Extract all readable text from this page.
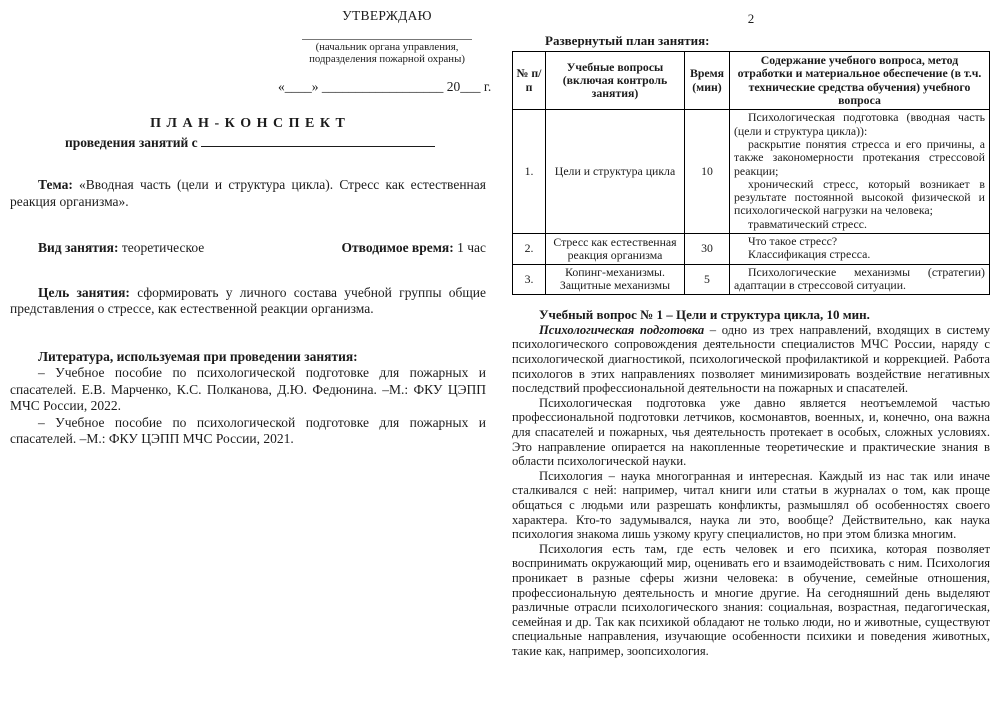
УТВЕРЖДАЮ
(начальник органа управления,
подразделения пожарной охраны)
«____» __________________ 20___ г.
П Л А Н - К О Н С П Е К Т
проведения занятий с

Тема: «Вводная часть (цели и структура цикла). Стресс как естественная реакция организма».

Вид занятия: теоретическое	Отводимое время: 1 час

Цель занятия: сформировать у личного состава учебной группы общие представления о стрессе, как естественной реакции организма.

Литература, используемая при проведении занятия:

– Учебное пособие по психологической подготовке для пожарных и спасателей. Е.В. Марченко, К.С. Полканова, Д.Ю. Федюнина. –М.: ФКУ ЦЭПП МЧС России, 2022.

– Учебное пособие по психологической подготовке для пожарных и спасателей. –М.: ФКУ ЦЭПП МЧС России, 2021.

2
Развернутый план занятия:
№ п/п	Учебные вопросы (включая контроль занятия)	Время (мин)	Содержание учебного вопроса, метод отработки и материальное обеспечение (в т.ч. технические средства обучения) учебного вопроса
1.	Цели и структура цикла	10	Психологическая подготовка (вводная часть (цели и структура цикла)):

раскрытие понятия стресса и его причины, а также закономерности протекания стрессовой реакции;

хронический стресс, который возникает в результате постоянной высокой физической и психологической нагрузки на человека;

травматический стресс.

2.	Стресс как естественная реакция организма	30	Что такое стресс?

Классификация стресса.

3.	Копинг-механизмы. Защитные механизмы	5	Психологические механизмы (стратегии) адаптации в стрессовой ситуации.

Учебный вопрос № 1 – Цели и структура цикла, 10 мин.

Психологическая подготовка – одно из трех направлений, входящих в систему психологического сопровождения деятельности специалистов МЧС России, наряду с психологической диагностикой, психологической профилактикой и коррекцией. Работа психологов в этих направлениях позволяет минимизировать воздействие негативных последствий профессиональной деятельности на пожарных и спасателей.

Психологическая подготовка уже давно является неотъемлемой частью профессиональной подготовки летчиков, космонавтов, военных, и, конечно, она важна для спасателей и пожарных, чья деятельность протекает в особых, сложных условиях. Это направление опирается на накопленные теоретические и практические знания в области психологической науки.

Психология – наука многогранная и интересная. Каждый из нас так или иначе сталкивался с ней: например, читал книги или статьи в журналах о том, как проще общаться с людьми или разрешать конфликты, размышлял об особенностях своего характера. Кто-то задумывался, наука ли это, вообще? Действительно, как наука психология знакома лишь узкому кругу специалистов, но при этом близка многим.

Психология есть там, где есть человек и его психика, которая позволяет воспринимать окружающий мир, оценивать его и взаимодействовать с ним. Психология проникает в разные сферы жизни человека: в обучение, семейные отношения, профессиональную деятельность и многие другие. На сегодняшний день выделяют различные отрасли психологического знания: социальная, возрастная, педагогическая, семейная и др. Так как психикой обладают не только люди, но и животные, существуют специальные направления, изучающие особенности психики и поведения животных, такие как, например, зоопсихология.
